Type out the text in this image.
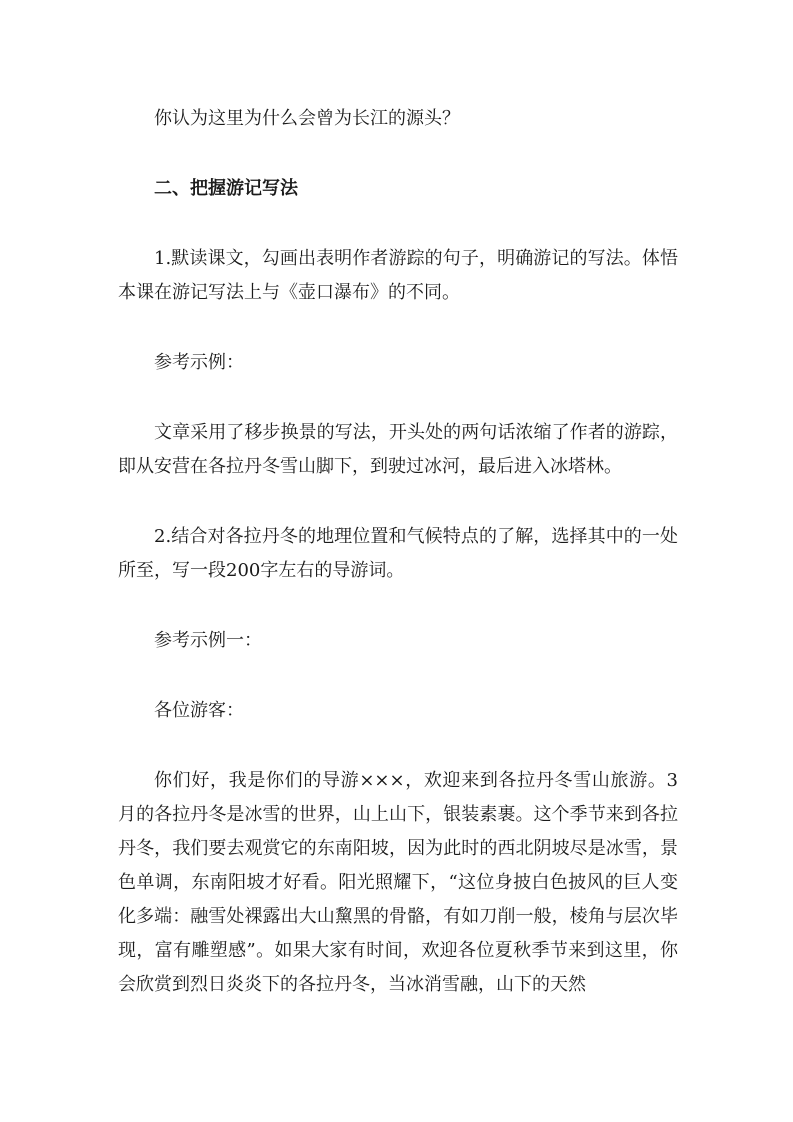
你认为这里为什么会曾为长江的源头？

二、把握游记写法

1.默读课文，勾画出表明作者游踪的句子，明确游记的写法。体悟本课在游记写法上与《壶口瀑布》的不同。

参考示例：

文章采用了移步换景的写法，开头处的两句话浓缩了作者的游踪，即从安营在各拉丹冬雪山脚下，到驶过冰河，最后进入冰塔林。

2.结合对各拉丹冬的地理位置和气候特点的了解，选择其中的一处所至，写一段200字左右的导游词。

参考示例一：

各位游客：

你们好，我是你们的导游×××，欢迎来到各拉丹冬雪山旅游。3月的各拉丹冬是冰雪的世界，山上山下，银装素裹。这个季节来到各拉丹冬，我们要去观赏它的东南阳坡，因为此时的西北阴坡尽是冰雪，景色单调，东南阳坡才好看。阳光照耀下，“这位身披白色披风的巨人变化多端：融雪处裸露出大山黧黑的骨骼，有如刀削一般，棱角与层次毕现，富有雕塑感”。如果大家有时间，欢迎各位夏秋季节来到这里，你会欣赏到烈日炎炎下的各拉丹冬，当冰消雪融，山下的天然
